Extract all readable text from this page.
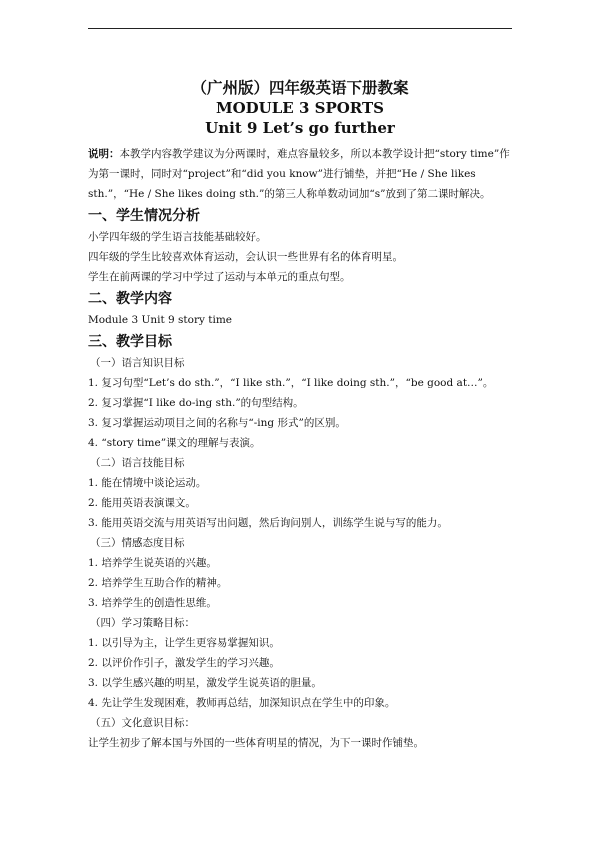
（广州版）四年级英语下册教案
MODULE 3 SPORTS
Unit 9 Let’s go further

说明：本教学内容教学建议为分两课时，难点容量较多，所以本教学设计把“story time”作为第一课时，同时对“project”和“did you know”进行铺垫，并把“He / She likes sth.”，“He / She likes doing sth.”的第三人称单数动词加“s”放到了第二课时解决。

一、学生情况分析

小学四年级的学生语言技能基础较好。

四年级的学生比较喜欢体育运动，会认识一些世界有名的体育明星。

学生在前两课的学习中学过了运动与本单元的重点句型。

二、教学内容

Module 3 Unit 9 story time

三、教学目标

（一）语言知识目标

1. 复习句型“Let’s do sth.”，“I like sth.”，“I like doing sth.”，“be good at…”。

2. 复习掌握“I like do-ing sth.”的句型结构。

3. 复习掌握运动项目之间的名称与“-ing 形式”的区别。

4. “story time”课文的理解与表演。

（二）语言技能目标

1. 能在情境中谈论运动。

2. 能用英语表演课文。

3. 能用英语交流与用英语写出问题，然后询问别人，训练学生说与写的能力。

（三）情感态度目标

1. 培养学生说英语的兴趣。

2. 培养学生互助合作的精神。

3. 培养学生的创造性思维。

（四）学习策略目标：

1. 以引导为主，让学生更容易掌握知识。

2. 以评价作引子，激发学生的学习兴趣。

3. 以学生感兴趣的明星，激发学生说英语的胆量。

4. 先让学生发现困难，教师再总结，加深知识点在学生中的印象。

（五）文化意识目标：

让学生初步了解本国与外国的一些体育明星的情况，为下一课时作铺垫。
